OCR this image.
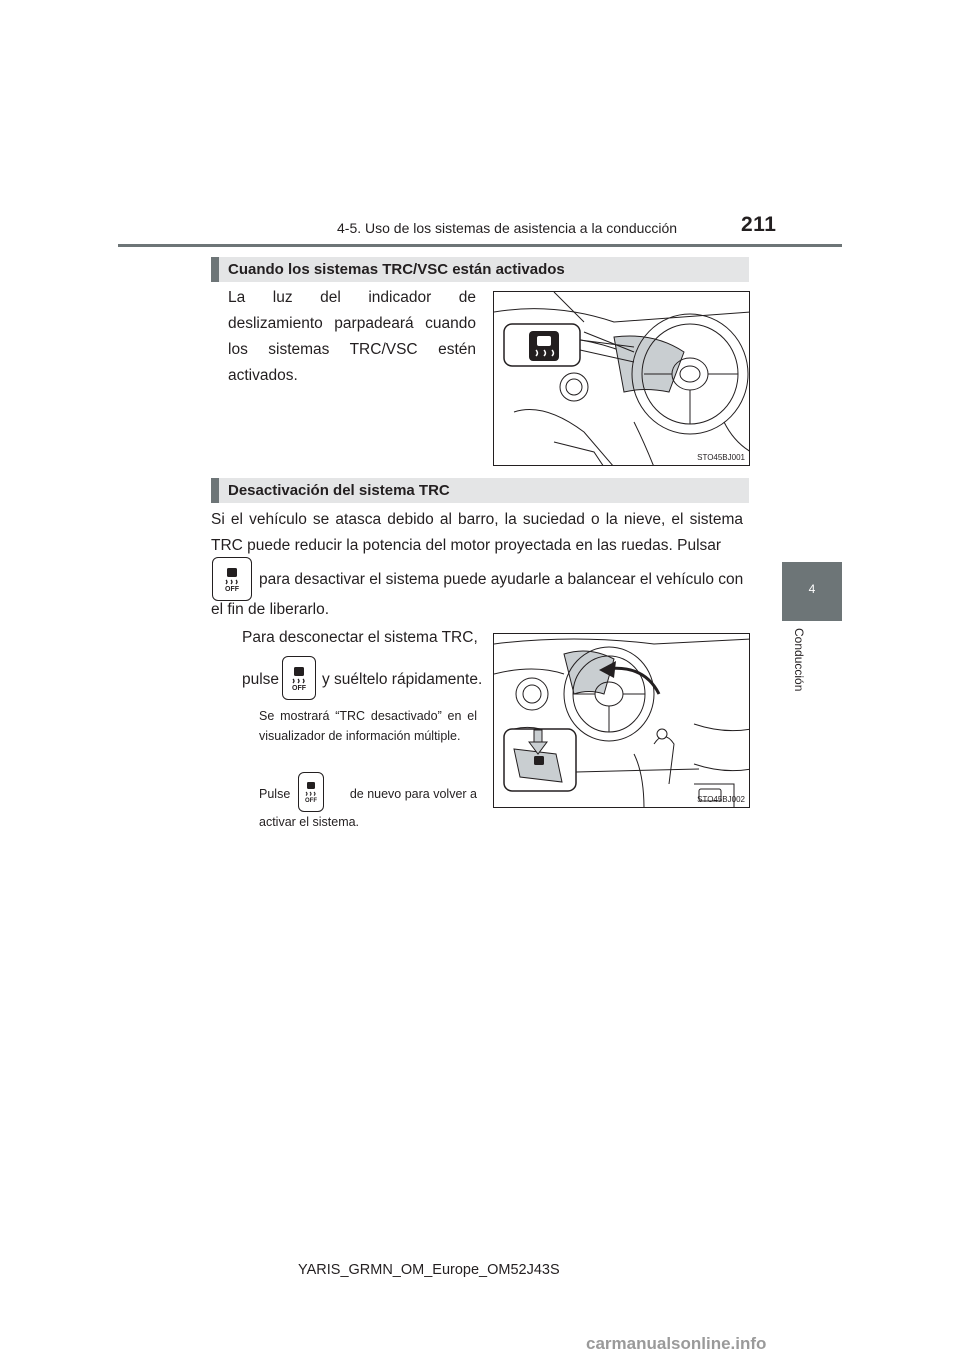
4-5. Uso de los sistemas de asistencia a la conducción	211
4
Conducción
Cuando los sistemas TRC/VSC están activados
La luz del indicador de deslizamiento parpadeará cuando los sistemas TRC/VSC estén activados.
STO45BJ001
Desactivación del sistema TRC
Si el vehículo se atasca debido al barro, la suciedad o la nieve, el sistema TRC puede reducir la potencia del motor proyectada en las ruedas. Pulsar
OFF
para desactivar el sistema puede ayudarle a balancear el vehículo con
el fin de liberarlo.
Para desconectar el sistema TRC,
pulse
OFF
y suéltelo rápidamente.
Se mostrará “TRC desactivado” en el visualizador de información múltiple.
Pulse	OFF	de nuevo para volver a
activar el sistema.
STO45BJ002
YARIS_GRMN_OM_Europe_OM52J43S
carmanualsonline.info
